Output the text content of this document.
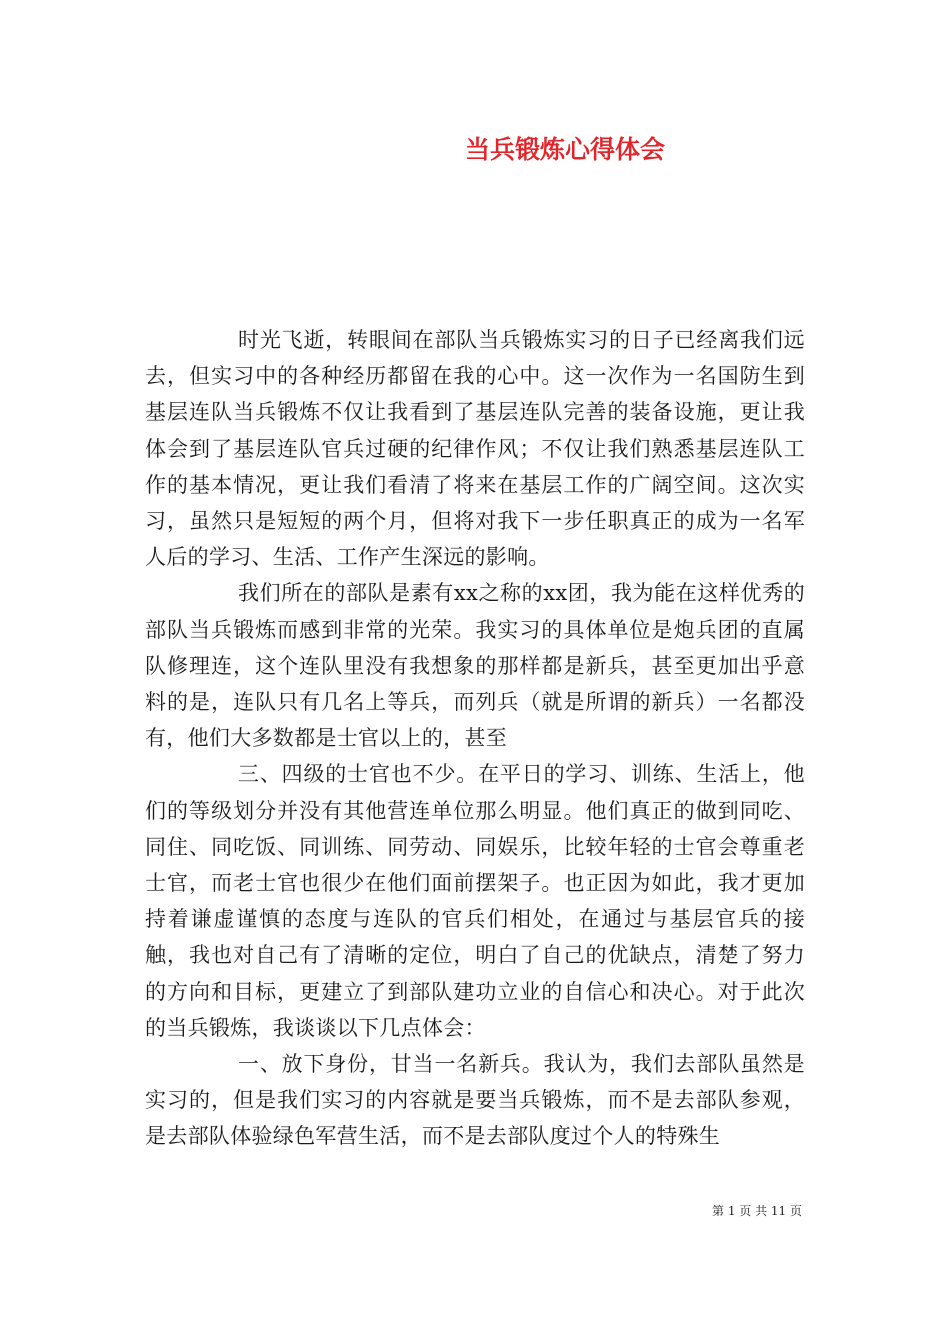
当兵锻炼心得体会

时光飞逝，转眼间在部队当兵锻炼实习的日子已经离我们远去，但实习中的各种经历都留在我的心中。这一次作为一名国防生到基层连队当兵锻炼不仅让我看到了基层连队完善的装备设施，更让我体会到了基层连队官兵过硬的纪律作风；不仅让我们熟悉基层连队工作的基本情况，更让我们看清了将来在基层工作的广阔空间。这次实习，虽然只是短短的两个月，但将对我下一步任职真正的成为一名军人后的学习、生活、工作产生深远的影响。

我们所在的部队是素有xx之称的xx团，我为能在这样优秀的部队当兵锻炼而感到非常的光荣。我实习的具体单位是炮兵团的直属队修理连，这个连队里没有我想象的那样都是新兵，甚至更加出乎意料的是，连队只有几名上等兵，而列兵（就是所谓的新兵）一名都没有，他们大多数都是士官以上的，甚至

三、四级的士官也不少。在平日的学习、训练、生活上，他们的等级划分并没有其他营连单位那么明显。他们真正的做到同吃、同住、同吃饭、同训练、同劳动、同娱乐，比较年轻的士官会尊重老士官，而老士官也很少在他们面前摆架子。也正因为如此，我才更加持着谦虚谨慎的态度与连队的官兵们相处，在通过与基层官兵的接触，我也对自己有了清晰的定位，明白了自己的优缺点，清楚了努力的方向和目标，更建立了到部队建功立业的自信心和决心。对于此次的当兵锻炼，我谈谈以下几点体会：

一、放下身份，甘当一名新兵。我认为，我们去部队虽然是实习的，但是我们实习的内容就是要当兵锻炼，而不是去部队参观，是去部队体验绿色军营生活，而不是去部队度过个人的特殊生

第 1 页 共 11 页
